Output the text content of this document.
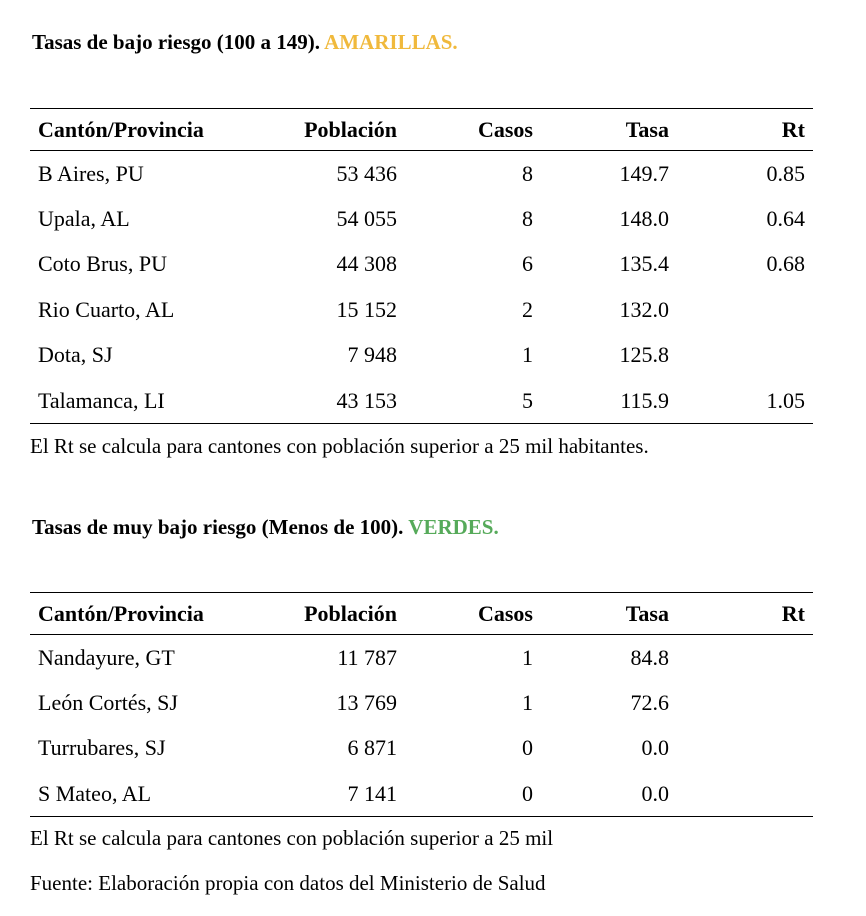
Tasas de bajo riesgo (100 a 149). AMARILLAS.
Cantón/Provincia	Población	Casos	Tasa	Rt
B Aires, PU	53 436	8	149.7	0.85
Upala, AL	54 055	8	148.0	0.64
Coto Brus, PU	44 308	6	135.4	0.68
Rio Cuarto, AL	15 152	2	132.0	
Dota, SJ	7 948	1	125.8	
Talamanca, LI	43 153	5	115.9	1.05
El Rt se calcula para cantones con población superior a 25 mil habitantes.
Tasas de muy bajo riesgo (Menos de 100). VERDES.
Cantón/Provincia	Población	Casos	Tasa	Rt
Nandayure, GT	11 787	1	84.8	
León Cortés, SJ	13 769	1	72.6	
Turrubares, SJ	6 871	0	0.0	
S Mateo, AL	7 141	0	0.0	
El Rt se calcula para cantones con población superior a 25 mil
Fuente: Elaboración propia con datos del Ministerio de Salud
